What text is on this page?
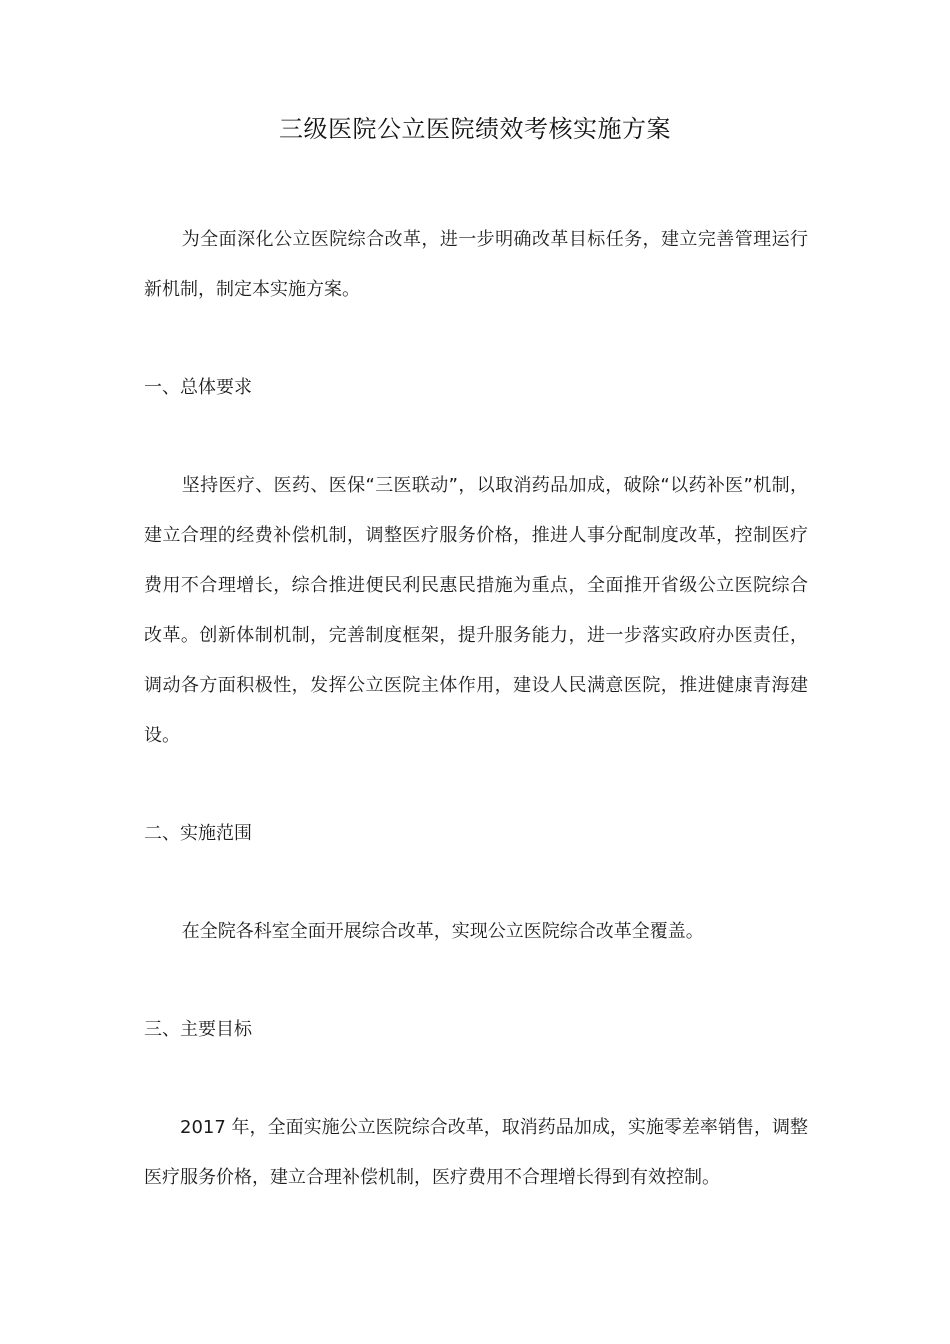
三级医院公立医院绩效考核实施方案

为全面深化公立医院综合改革，进一步明确改革目标任务，建立完善管理运行新机制，制定本实施方案。

一、总体要求

坚持医疗、医药、医保“三医联动”，以取消药品加成，破除“以药补医”机制，建立合理的经费补偿机制，调整医疗服务价格，推进人事分配制度改革，控制医疗费用不合理增长，综合推进便民利民惠民措施为重点，全面推开省级公立医院综合改革。创新体制机制，完善制度框架，提升服务能力，进一步落实政府办医责任，调动各方面积极性，发挥公立医院主体作用，建设人民满意医院，推进健康青海建设。

二、实施范围

在全院各科室全面开展综合改革，实现公立医院综合改革全覆盖。

三、主要目标

2017 年，全面实施公立医院综合改革，取消药品加成，实施零差率销售，调整医疗服务价格，建立合理补偿机制，医疗费用不合理增长得到有效控制。
